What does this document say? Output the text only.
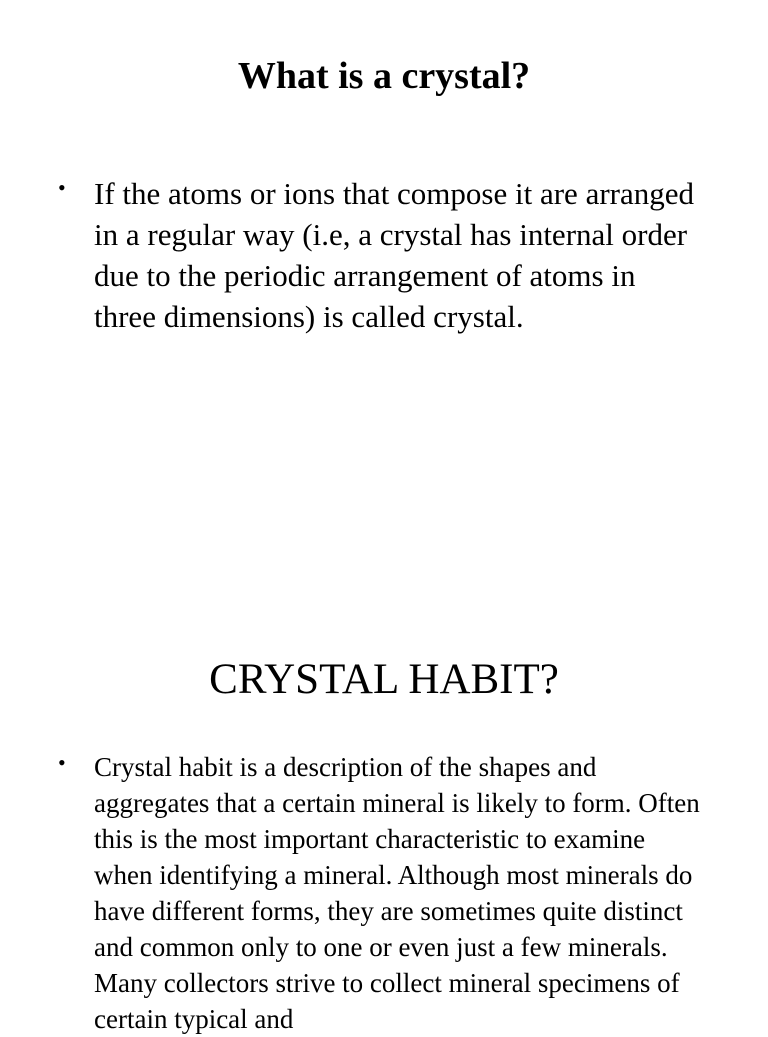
What is a crystal?
• If the atoms or ions that compose it are arranged in a regular way (i.e, a crystal has internal order due to the periodic arrangement of atoms in three dimensions) is called crystal.
CRYSTAL HABIT?
• Crystal habit is a description of the shapes and aggregates that a certain mineral is likely to form. Often this is the most important characteristic to examine when identifying a mineral. Although most minerals do have different forms, they are sometimes quite distinct and common only to one or even just a few minerals. Many collectors strive to collect mineral specimens of certain typical and
